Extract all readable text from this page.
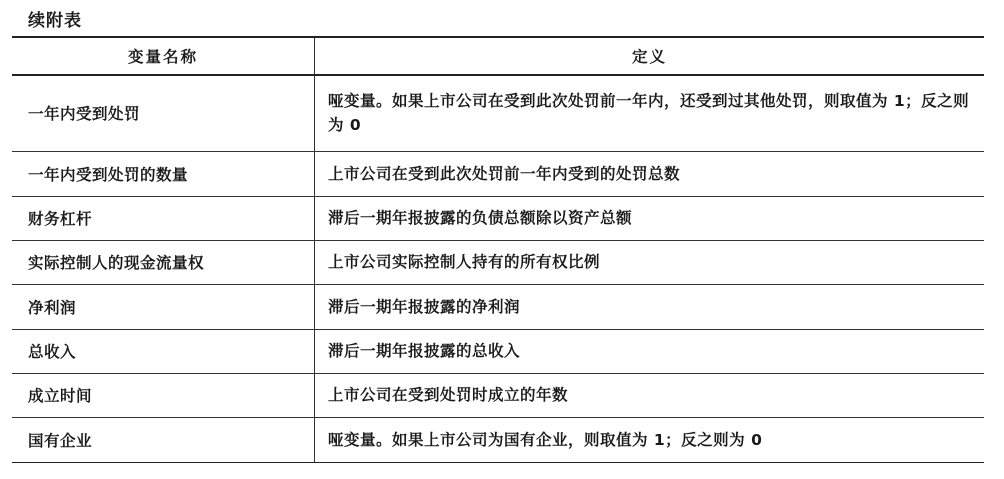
续附表
变量名称	定义
一年内受到处罚	哑变量。如果上市公司在受到此次处罚前一年内，还受到过其他处罚，则取值为 1；反之则为 0
一年内受到处罚的数量	上市公司在受到此次处罚前一年内受到的处罚总数
财务杠杆	滞后一期年报披露的负债总额除以资产总额
实际控制人的现金流量权	上市公司实际控制人持有的所有权比例
净利润	滞后一期年报披露的净利润
总收入	滞后一期年报披露的总收入
成立时间	上市公司在受到处罚时成立的年数
国有企业	哑变量。如果上市公司为国有企业，则取值为 1；反之则为 0
